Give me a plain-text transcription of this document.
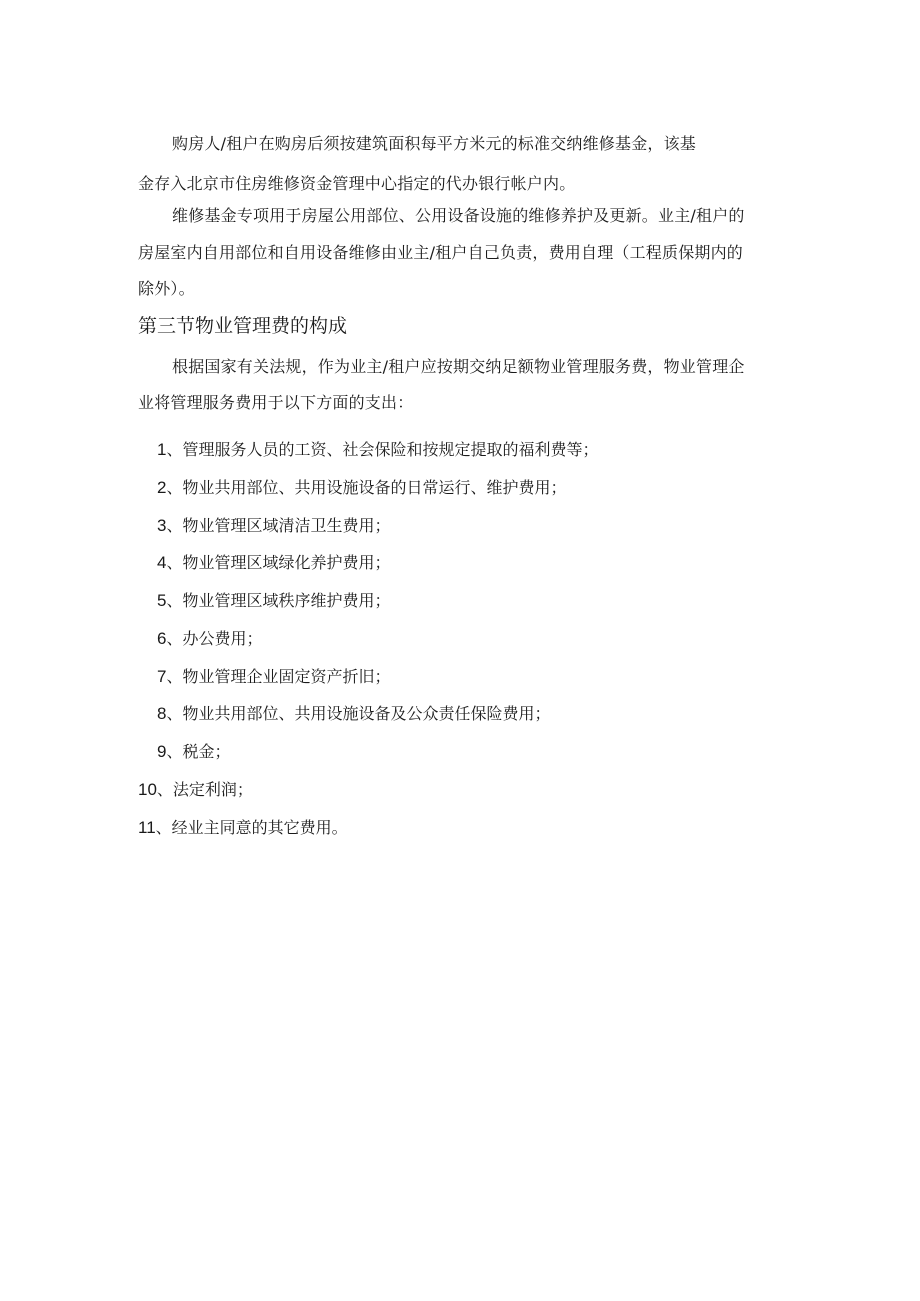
购房人/租户在购房后须按建筑面积每平方米元的标准交纳维修基金，该基
金存入北京市住房维修资金管理中心指定的代办银行帐户内。
维修基金专项用于房屋公用部位、公用设备设施的维修养护及更新。业主/租户的
房屋室内自用部位和自用设备维修由业主/租户自己负责，费用自理（工程质保期内的
除外）。
第三节物业管理费的构成
根据国家有关法规，作为业主/租户应按期交纳足额物业管理服务费，物业管理企
业将管理服务费用于以下方面的支出：
1、管理服务人员的工资、社会保险和按规定提取的福利费等；
2、物业共用部位、共用设施设备的日常运行、维护费用；
3、物业管理区域清洁卫生费用；
4、物业管理区域绿化养护费用；
5、物业管理区域秩序维护费用；
6、办公费用；
7、物业管理企业固定资产折旧；
8、物业共用部位、共用设施设备及公众责任保险费用；
9、税金；
10、法定利润；
11、经业主同意的其它费用。
